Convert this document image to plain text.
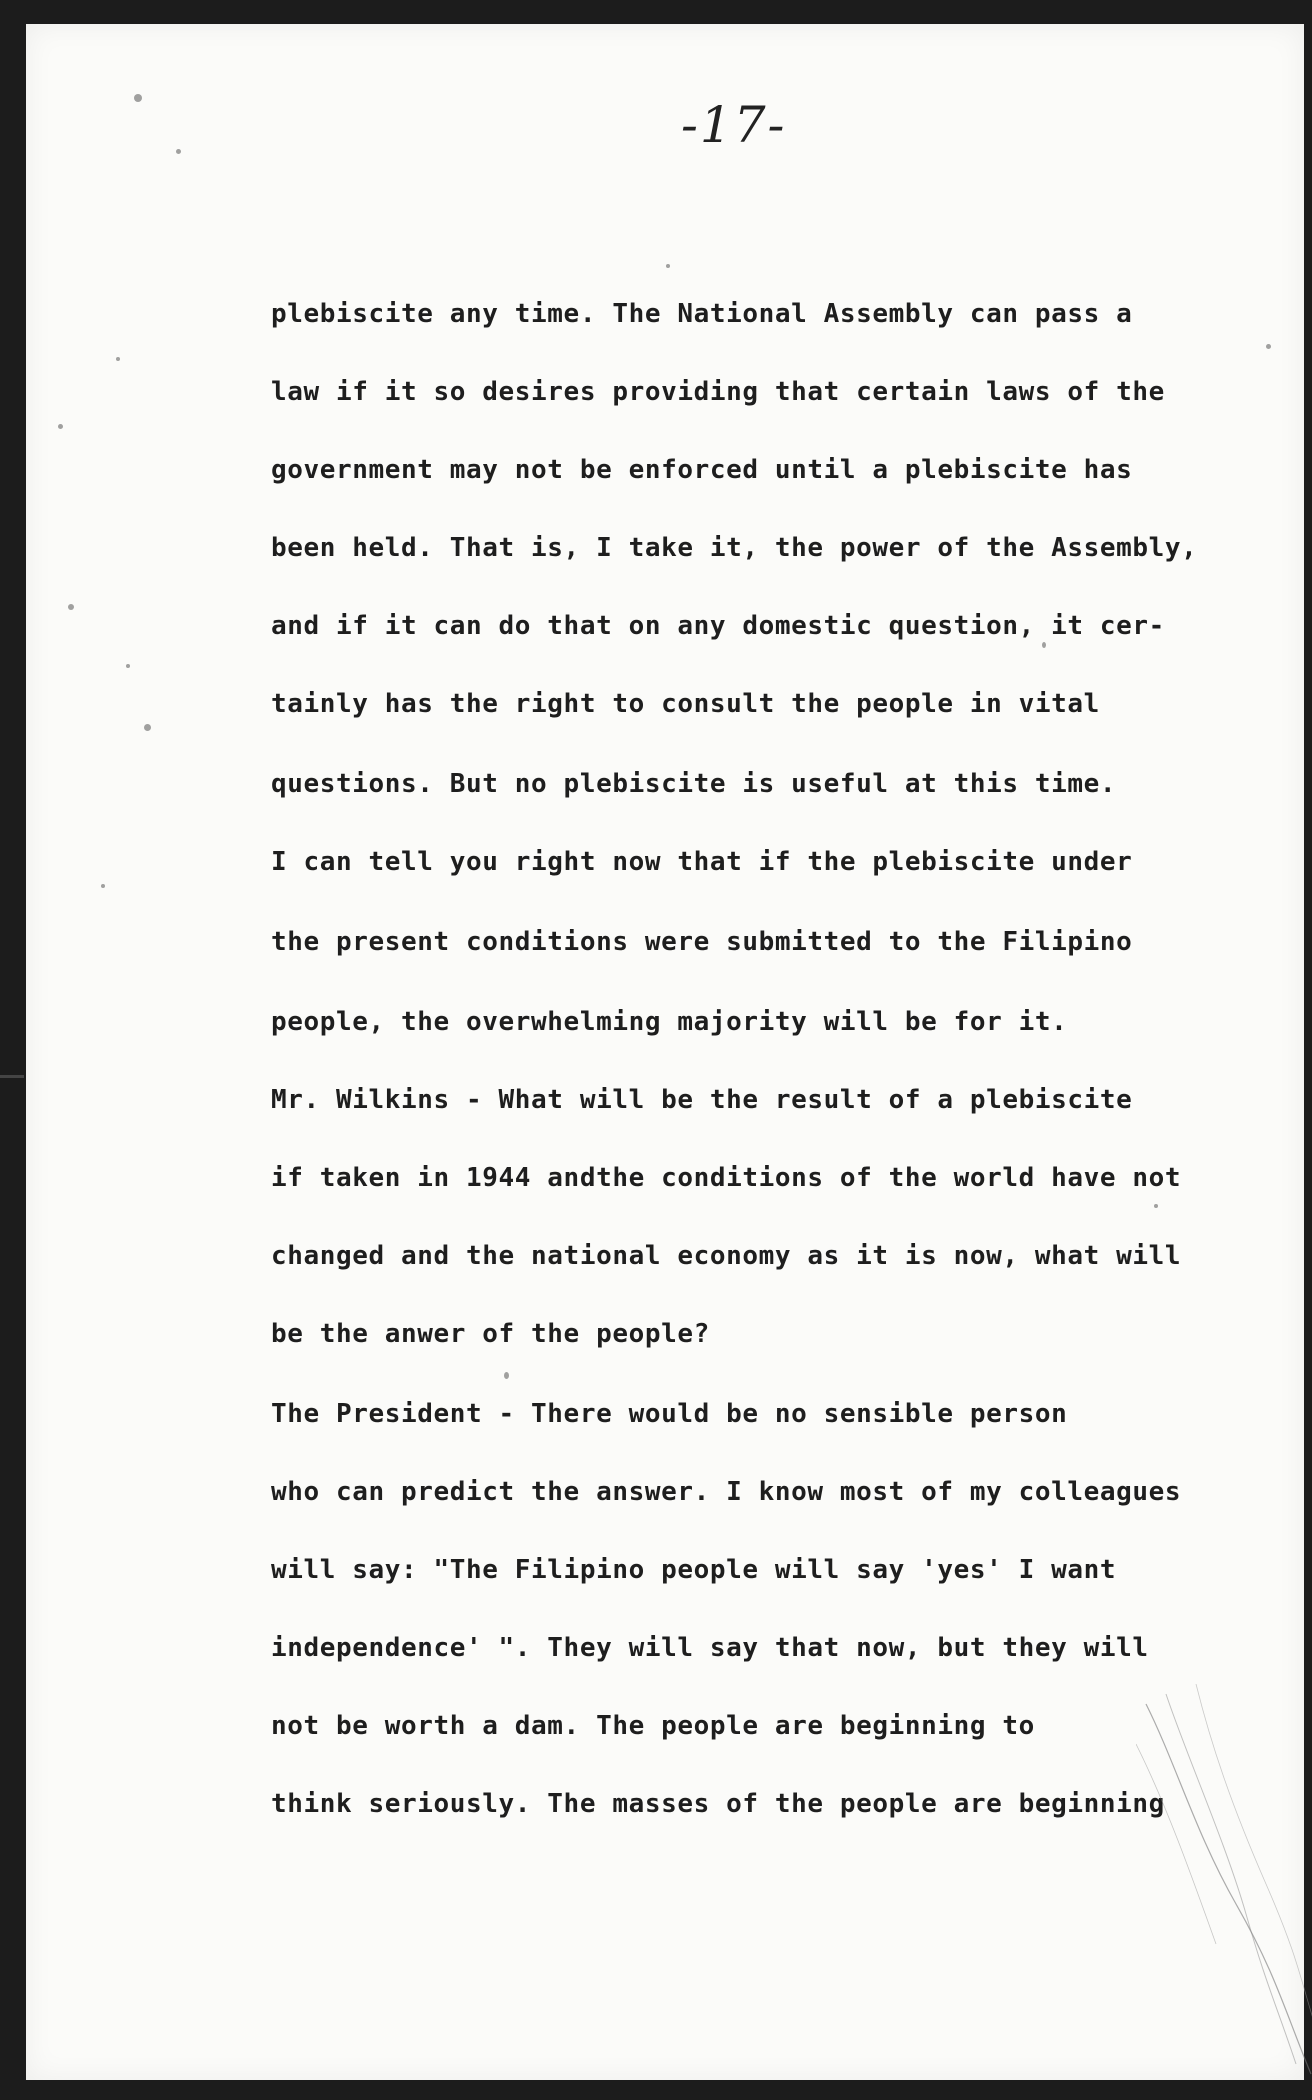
-17-
plebiscite any time. The National Assembly can pass a
law if it so desires providing that certain laws of the
government may not be enforced until a plebiscite has
been held. That is, I take it, the power of the Assembly,
and if it can do that on any domestic question, it cer-
tainly has the right to consult the people in vital
questions. But no plebiscite is useful at this time.
I can tell you right now that if the plebiscite under
the present conditions were submitted to the Filipino
people, the overwhelming majority will be for it.
Mr. Wilkins - What will be the result of a plebiscite
if taken in 1944 andthe conditions of the world have not
changed and the national economy as it is now, what will
be the anwer of the people?
The President - There would be no sensible person
who can predict the answer. I know most of my colleagues
will say: "The Filipino people will say 'yes' I want
independence' ". They will say that now, but they will
not be worth a dam. The people are beginning to
think seriously. The masses of the people are beginning
